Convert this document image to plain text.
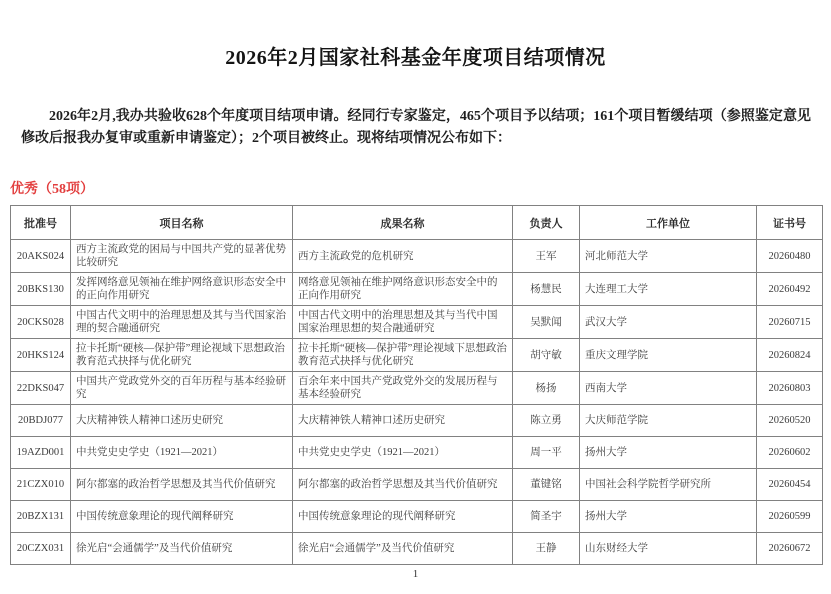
2026年2月国家社科基金年度项目结项情况

2026年2月,我办共验收628个年度项目结项申请。经同行专家鉴定，465个项目予以结项；161个项目暂缓结项（参照鉴定意见修改后报我办复审或重新申请鉴定）；2个项目被终止。现将结项情况公布如下：

优秀（58项）
批准号	项目名称	成果名称	负责人	工作单位	证书号
20AKS024	西方主流政党的困局与中国共产党的显著优势比较研究	西方主流政党的危机研究	王军	河北师范大学	20260480
20BKS130	发挥网络意见领袖在维护网络意识形态安全中的正向作用研究	网络意见领袖在维护网络意识形态安全中的正向作用研究	杨慧民	大连理工大学	20260492
20CKS028	中国古代文明中的治理思想及其与当代国家治理的契合融通研究	中国古代文明中的治理思想及其与当代中国国家治理思想的契合融通研究	吴默闻	武汉大学	20260715
20HKS124	拉卡托斯“硬核—保护带”理论视域下思想政治教育范式抉择与优化研究	拉卡托斯“硬核—保护带”理论视域下思想政治教育范式抉择与优化研究	胡守敏	重庆文理学院	20260824
22DKS047	中国共产党政党外交的百年历程与基本经验研究	百余年来中国共产党政党外交的发展历程与基本经验研究	杨扬	西南大学	20260803
20BDJ077	大庆精神铁人精神口述历史研究	大庆精神铁人精神口述历史研究	陈立勇	大庆师范学院	20260520
19AZD001	中共党史史学史（1921—2021）	中共党史史学史（1921—2021）	周一平	扬州大学	20260602
21CZX010	阿尔都塞的政治哲学思想及其当代价值研究	阿尔都塞的政治哲学思想及其当代价值研究	董键铭	中国社会科学院哲学研究所	20260454
20BZX131	中国传统意象理论的现代阐释研究	中国传统意象理论的现代阐释研究	简圣宇	扬州大学	20260599
20CZX031	徐光启“会通儒学”及当代价值研究	徐光启“会通儒学”及当代价值研究	王静	山东财经大学	20260672
1
